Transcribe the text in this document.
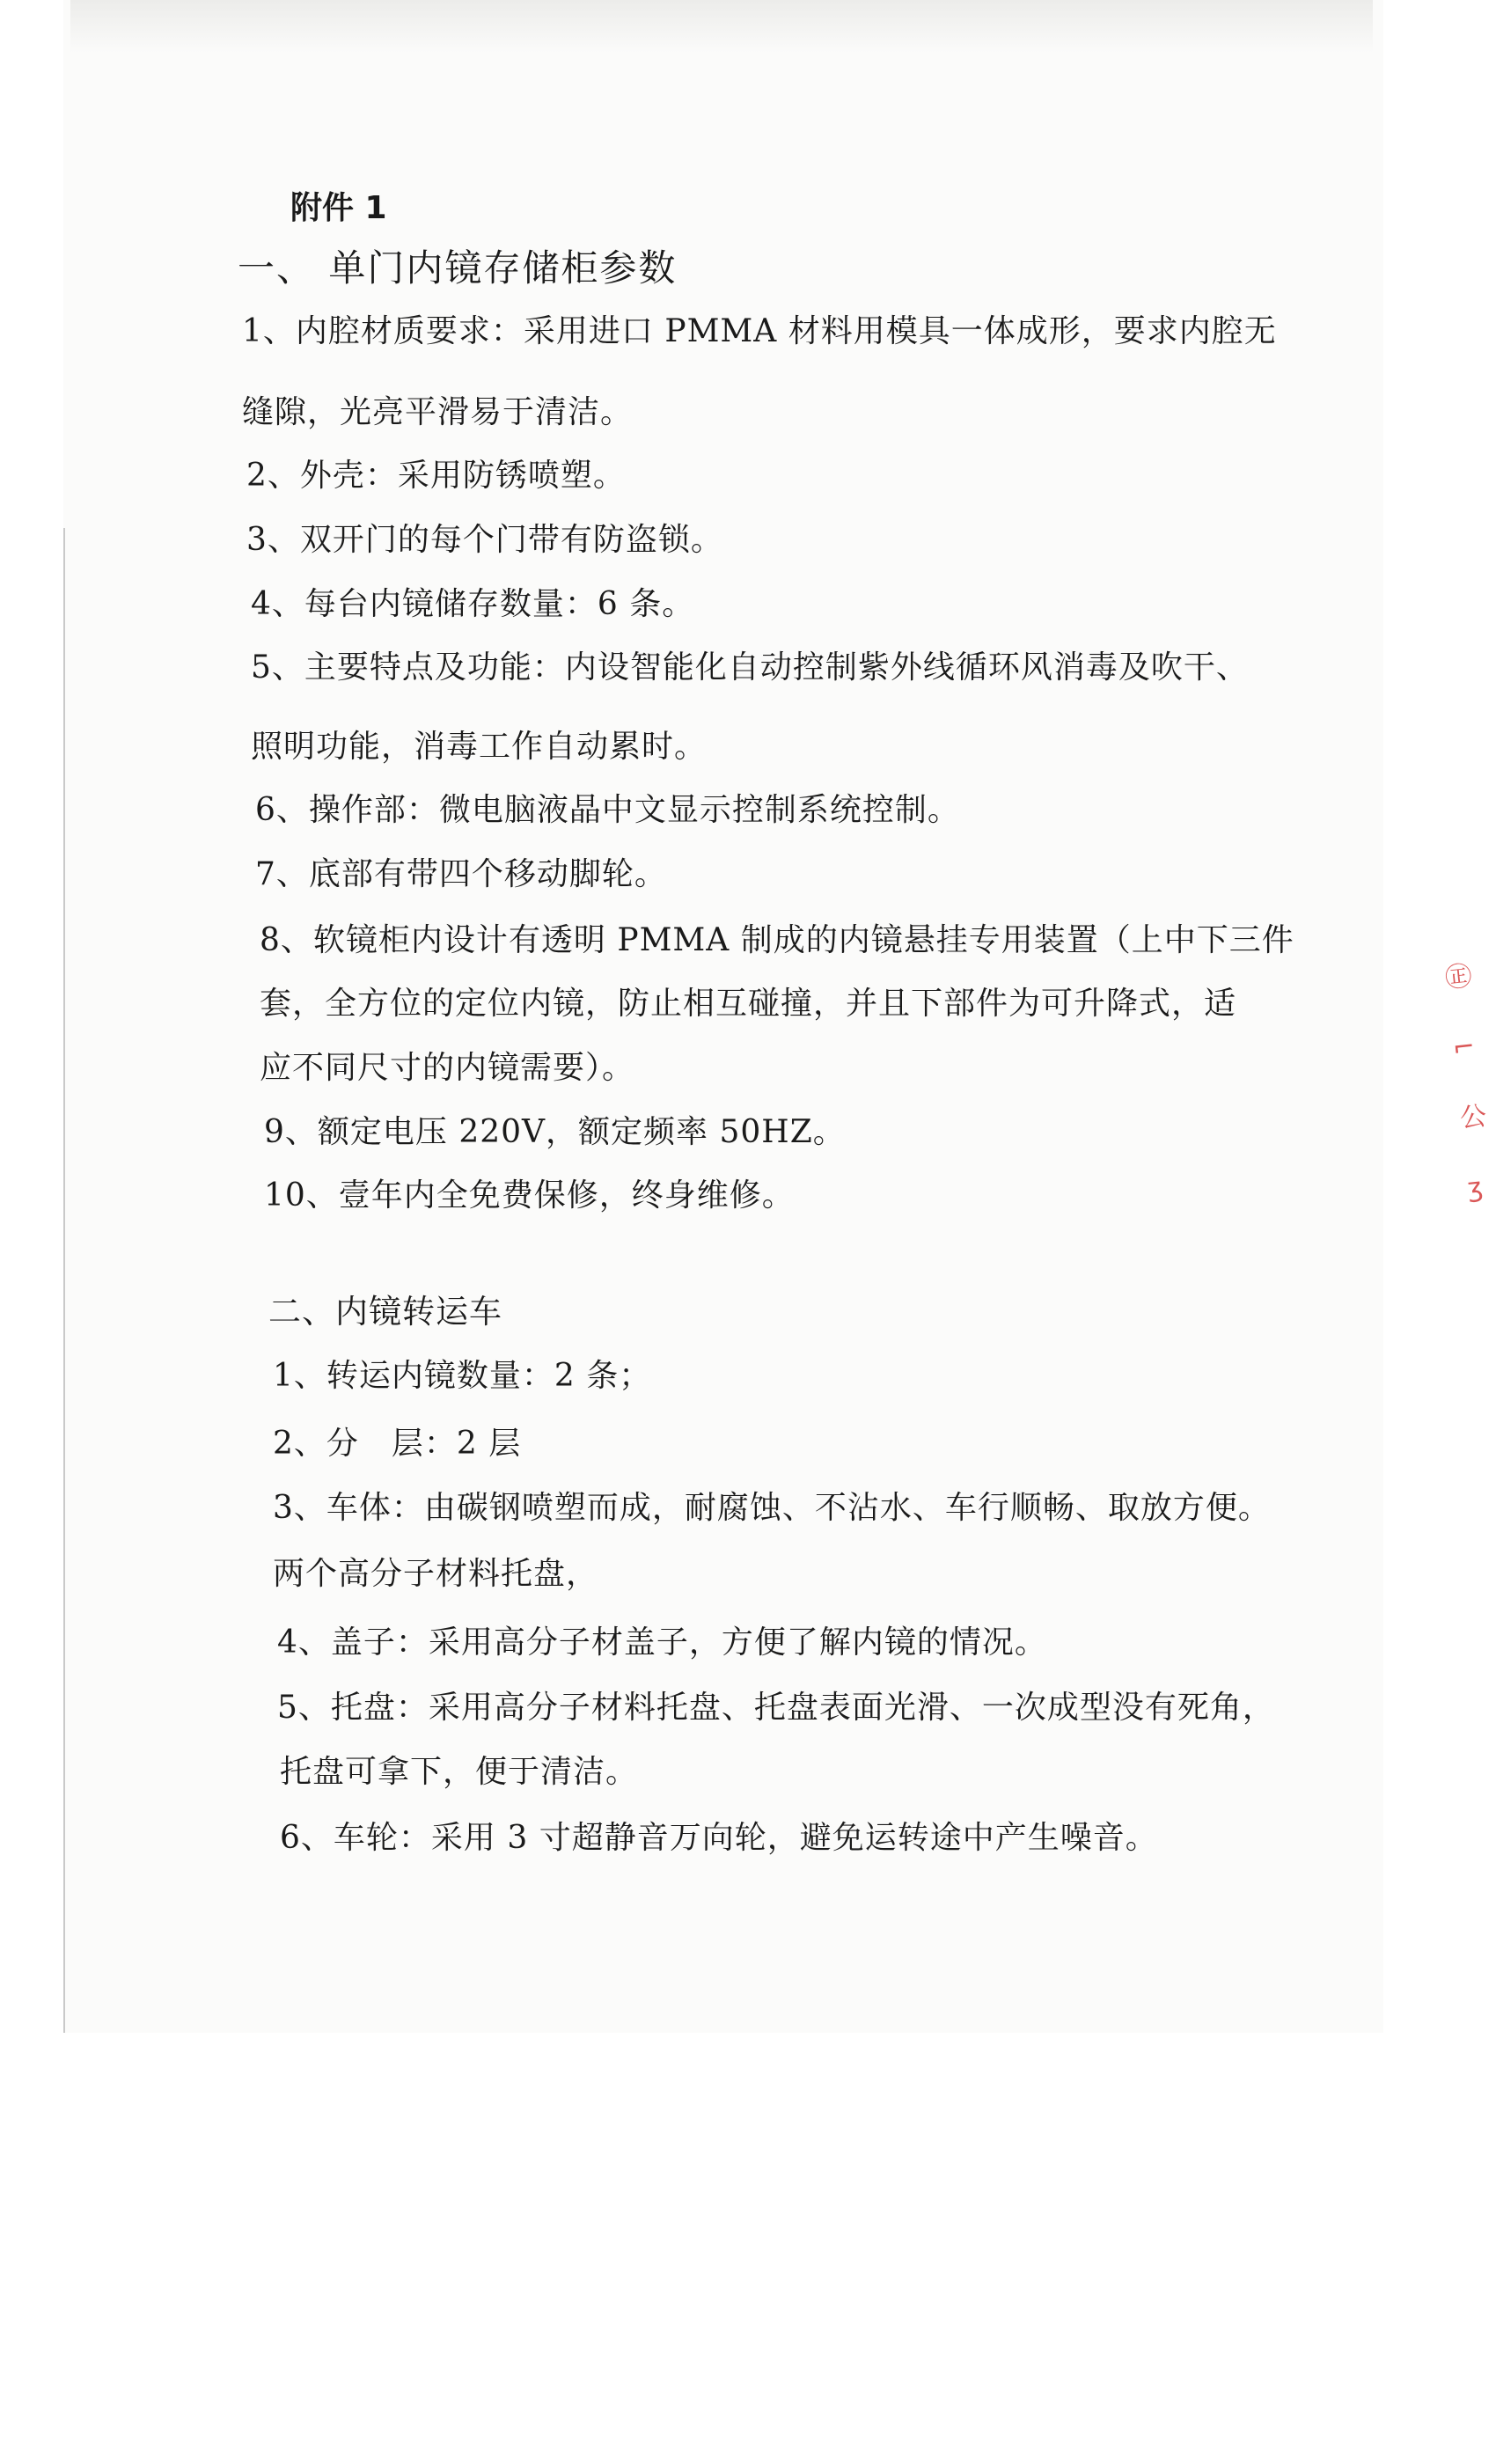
㊣
⌐
公
ʒ
附件 1
一、 单门内镜存储柜参数
1、内腔材质要求：采用进口 PMMA 材料用模具一体成形，要求内腔无
缝隙，光亮平滑易于清洁。
2、外壳：采用防锈喷塑。
3、双开门的每个门带有防盗锁。
4、每台内镜储存数量：6 条。
5、主要特点及功能：内设智能化自动控制紫外线循环风消毒及吹干、
照明功能，消毒工作自动累时。
6、操作部：微电脑液晶中文显示控制系统控制。
7、底部有带四个移动脚轮。
8、软镜柜内设计有透明 PMMA 制成的内镜悬挂专用装置（上中下三件
套，全方位的定位内镜，防止相互碰撞，并且下部件为可升降式，适
应不同尺寸的内镜需要）。
9、额定电压 220V，额定频率 50HZ。
10、壹年内全免费保修，终身维修。
二、内镜转运车
1、转运内镜数量：2 条；
2、分　层：2 层
3、车体：由碳钢喷塑而成，耐腐蚀、不沾水、车行顺畅、取放方便。
两个高分子材料托盘，
4、盖子：采用高分子材盖子，方便了解内镜的情况。
5、托盘：采用高分子材料托盘、托盘表面光滑、一次成型没有死角，
托盘可拿下，便于清洁。
6、车轮：采用 3 寸超静音万向轮，避免运转途中产生噪音。
